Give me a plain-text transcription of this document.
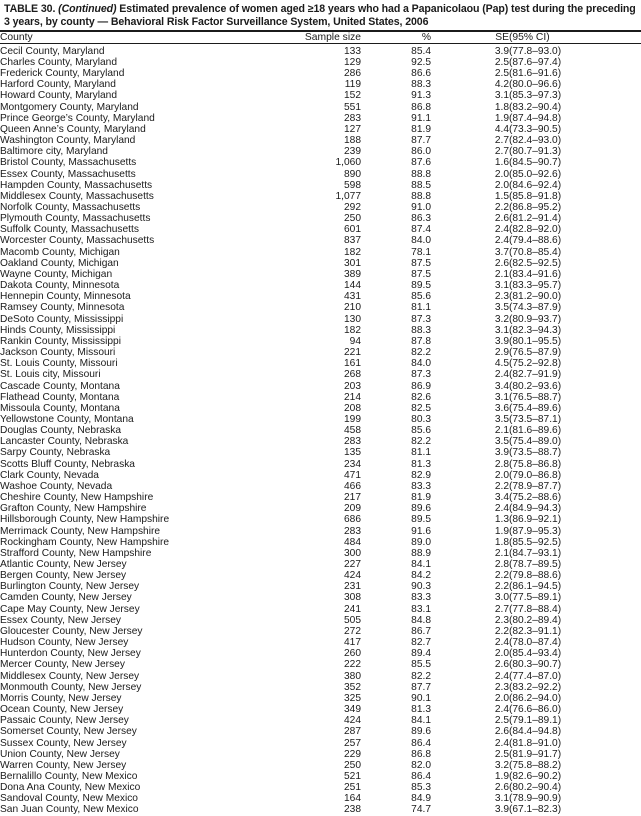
TABLE 30. (Continued) Estimated prevalence of women aged ≥18 years who had a Papanicolaou (Pap) test during the preceding
3 years, by county — Behavioral Risk Factor Surveillance System, United States, 2006
County	Sample size	%	SE	(95% CI)
Cecil County, Maryland	133	85.4	3.9	(77.8–93.0)
Charles County, Maryland	129	92.5	2.5	(87.6–97.4)
Frederick County, Maryland	286	86.6	2.5	(81.6–91.6)
Harford County, Maryland	119	88.3	4.2	(80.0–96.6)
Howard County, Maryland	152	91.3	3.1	(85.3–97.3)
Montgomery County, Maryland	551	86.8	1.8	(83.2–90.4)
Prince George’s County, Maryland	283	91.1	1.9	(87.4–94.8)
Queen Anne’s County, Maryland	127	81.9	4.4	(73.3–90.5)
Washington County, Maryland	188	87.7	2.7	(82.4–93.0)
Baltimore city, Maryland	239	86.0	2.7	(80.7–91.3)
Bristol County, Massachusetts	1,060	87.6	1.6	(84.5–90.7)
Essex County, Massachusetts	890	88.8	2.0	(85.0–92.6)
Hampden County, Massachusetts	598	88.5	2.0	(84.6–92.4)
Middlesex County, Massachusetts	1,077	88.8	1.5	(85.8–91.8)
Norfolk County, Massachusetts	292	91.0	2.2	(86.8–95.2)
Plymouth County, Massachusetts	250	86.3	2.6	(81.2–91.4)
Suffolk County, Massachusetts	601	87.4	2.4	(82.8–92.0)
Worcester County, Massachusetts	837	84.0	2.4	(79.4–88.6)
Macomb County, Michigan	182	78.1	3.7	(70.8–85.4)
Oakland County, Michigan	301	87.5	2.6	(82.5–92.5)
Wayne County, Michigan	389	87.5	2.1	(83.4–91.6)
Dakota County, Minnesota	144	89.5	3.1	(83.3–95.7)
Hennepin County, Minnesota	431	85.6	2.3	(81.2–90.0)
Ramsey County, Minnesota	210	81.1	3.5	(74.3–87.9)
DeSoto County, Mississippi	130	87.3	3.2	(80.9–93.7)
Hinds County, Mississippi	182	88.3	3.1	(82.3–94.3)
Rankin County, Mississippi	94	87.8	3.9	(80.1–95.5)
Jackson County, Missouri	221	82.2	2.9	(76.5–87.9)
St. Louis County, Missouri	161	84.0	4.5	(75.2–92.8)
St. Louis city, Missouri	268	87.3	2.4	(82.7–91.9)
Cascade County, Montana	203	86.9	3.4	(80.2–93.6)
Flathead County, Montana	214	82.6	3.1	(76.5–88.7)
Missoula County, Montana	208	82.5	3.6	(75.4–89.6)
Yellowstone County, Montana	199	80.3	3.5	(73.5–87.1)
Douglas County, Nebraska	458	85.6	2.1	(81.6–89.6)
Lancaster County, Nebraska	283	82.2	3.5	(75.4–89.0)
Sarpy County, Nebraska	135	81.1	3.9	(73.5–88.7)
Scotts Bluff County, Nebraska	234	81.3	2.8	(75.8–86.8)
Clark County, Nevada	471	82.9	2.0	(79.0–86.8)
Washoe County, Nevada	466	83.3	2.2	(78.9–87.7)
Cheshire County, New Hampshire	217	81.9	3.4	(75.2–88.6)
Grafton County, New Hampshire	209	89.6	2.4	(84.9–94.3)
Hillsborough County, New Hampshire	686	89.5	1.3	(86.9–92.1)
Merrimack County, New Hampshire	283	91.6	1.9	(87.9–95.3)
Rockingham County, New Hampshire	484	89.0	1.8	(85.5–92.5)
Strafford County, New Hampshire	300	88.9	2.1	(84.7–93.1)
Atlantic County, New Jersey	227	84.1	2.8	(78.7–89.5)
Bergen County, New Jersey	424	84.2	2.2	(79.8–88.6)
Burlington County, New Jersey	231	90.3	2.2	(86.1–94.5)
Camden County, New Jersey	308	83.3	3.0	(77.5–89.1)
Cape May County, New Jersey	241	83.1	2.7	(77.8–88.4)
Essex County, New Jersey	505	84.8	2.3	(80.2–89.4)
Gloucester County, New Jersey	272	86.7	2.2	(82.3–91.1)
Hudson County, New Jersey	417	82.7	2.4	(78.0–87.4)
Hunterdon County, New Jersey	260	89.4	2.0	(85.4–93.4)
Mercer County, New Jersey	222	85.5	2.6	(80.3–90.7)
Middlesex County, New Jersey	380	82.2	2.4	(77.4–87.0)
Monmouth County, New Jersey	352	87.7	2.3	(83.2–92.2)
Morris County, New Jersey	325	90.1	2.0	(86.2–94.0)
Ocean County, New Jersey	349	81.3	2.4	(76.6–86.0)
Passaic County, New Jersey	424	84.1	2.5	(79.1–89.1)
Somerset County, New Jersey	287	89.6	2.6	(84.4–94.8)
Sussex County, New Jersey	257	86.4	2.4	(81.8–91.0)
Union County, New Jersey	229	86.8	2.5	(81.9–91.7)
Warren County, New Jersey	250	82.0	3.2	(75.8–88.2)
Bernalillo County, New Mexico	521	86.4	1.9	(82.6–90.2)
Dona Ana County, New Mexico	251	85.3	2.6	(80.2–90.4)
Sandoval County, New Mexico	164	84.9	3.1	(78.9–90.9)
San Juan County, New Mexico	238	74.7	3.9	(67.1–82.3)
